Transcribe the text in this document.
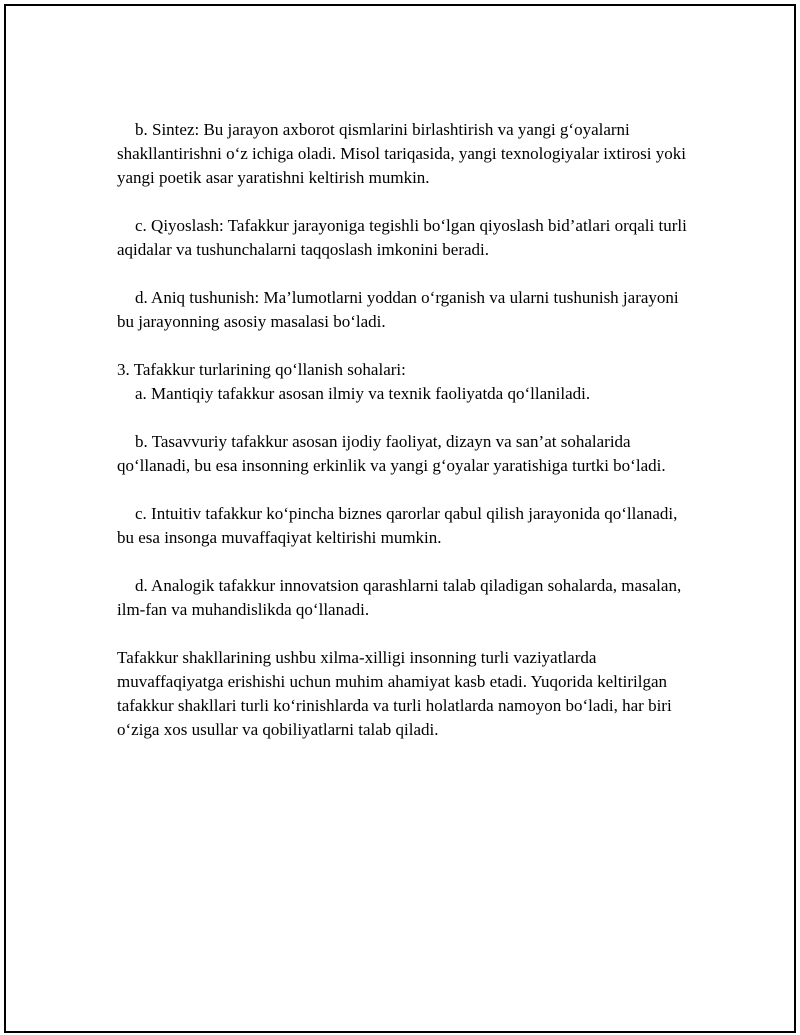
b. Sintez: Bu jarayon axborot qismlarini birlashtirish va yangi g‘oyalarni shakllantirishni o‘z ichiga oladi. Misol tariqasida, yangi texnologiyalar ixtirosi yoki yangi poetik asar yaratishni keltirish mumkin.

c. Qiyoslash: Tafakkur jarayoniga tegishli bo‘lgan qiyoslash bid’atlari orqali turli aqidalar va tushunchalarni taqqoslash imkonini beradi.

d. Aniq tushunish: Ma’lumotlarni yoddan o‘rganish va ularni tushunish jarayoni bu jarayonning asosiy masalasi bo‘ladi.

3. Tafakkur turlarining qo‘llanish sohalari:

a. Mantiqiy tafakkur asosan ilmiy va texnik faoliyatda qo‘llaniladi.

b. Tasavvuriy tafakkur asosan ijodiy faoliyat, dizayn va san’at sohalarida qo‘llanadi, bu esa insonning erkinlik va yangi g‘oyalar yaratishiga turtki bo‘ladi.

c. Intuitiv tafakkur ko‘pincha biznes qarorlar qabul qilish jarayonida qo‘llanadi, bu esa insonga muvaffaqiyat keltirishi mumkin.

d. Analogik tafakkur innovatsion qarashlarni talab qiladigan sohalarda, masalan, ilm-fan va muhandislikda qo‘llanadi.

Tafakkur shakllarining ushbu xilma-xilligi insonning turli vaziyatlarda muvaffaqiyatga erishishi uchun muhim ahamiyat kasb etadi. Yuqorida keltirilgan tafakkur shakllari turli ko‘rinishlarda va turli holatlarda namoyon bo‘ladi, har biri o‘ziga xos usullar va qobiliyatlarni talab qiladi.
